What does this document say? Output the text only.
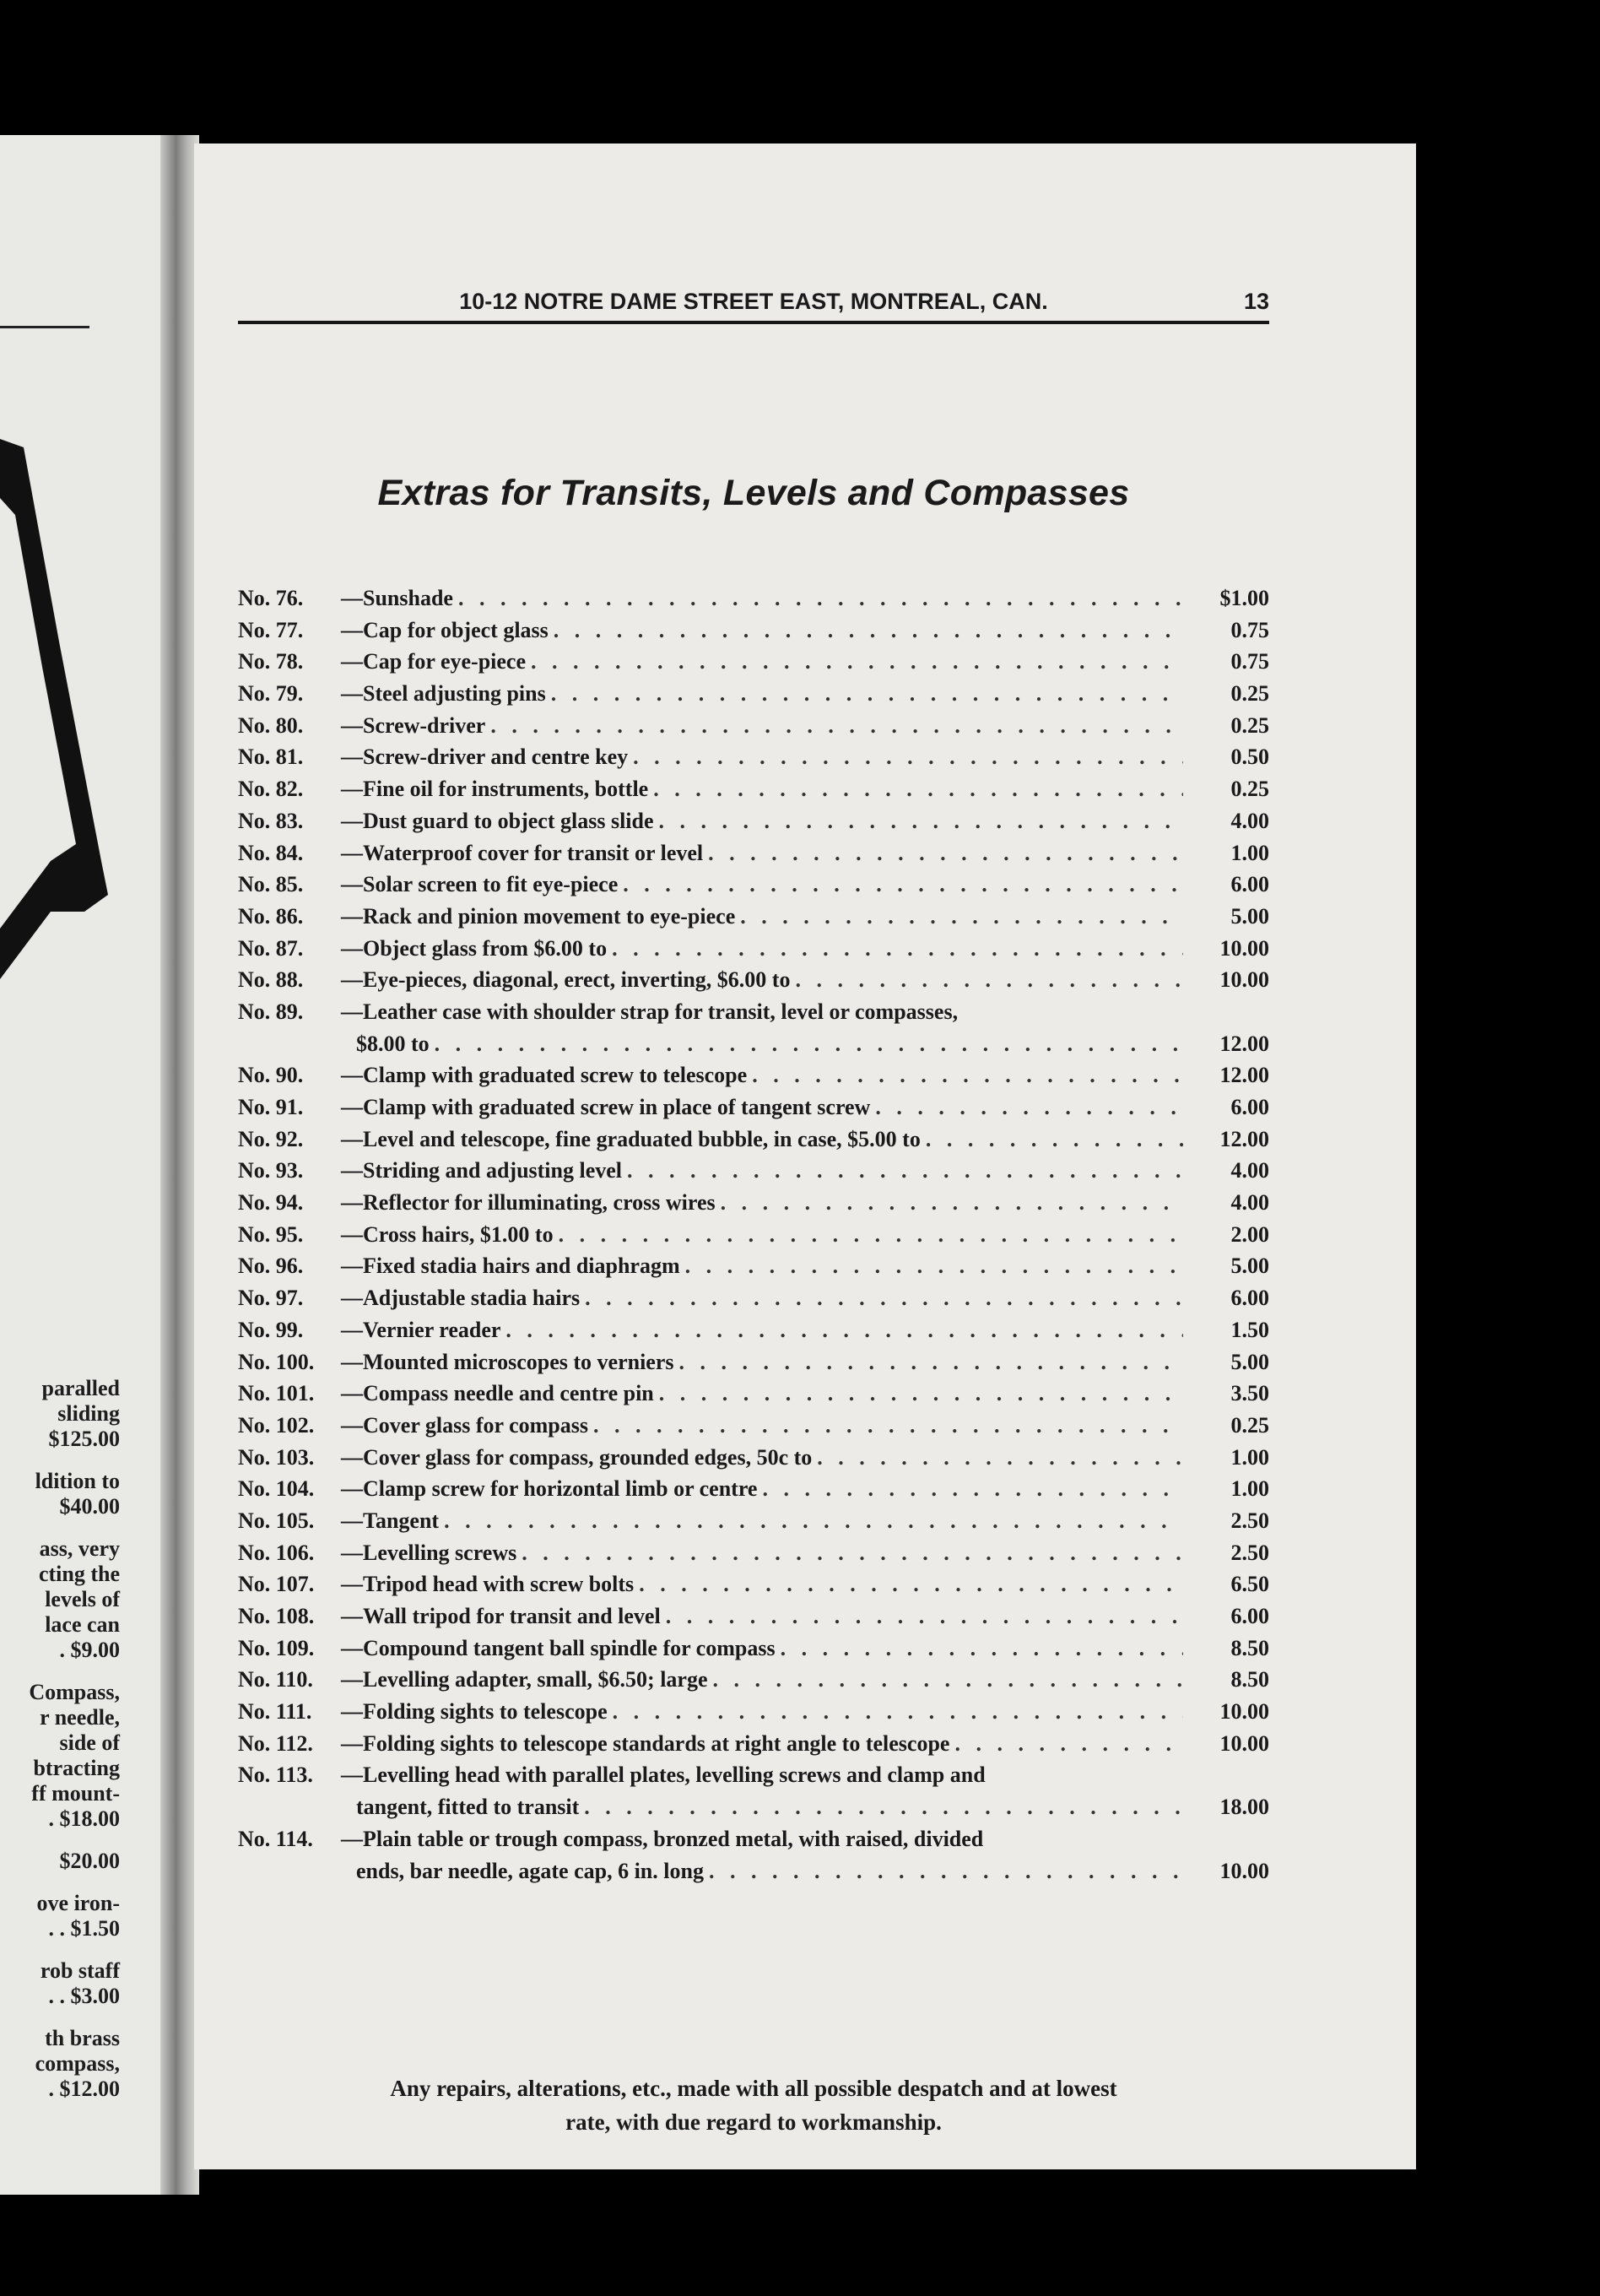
paralled
sliding
$125.00
ldition to
$40.00
ass, very
cting the
levels of
lace can
. $9.00
Compass,
r needle,
side of
btracting
ff mount-
. $18.00
$20.00
ove iron-
. . $1.50
rob staff
. . $3.00
th brass
compass,
. $12.00
10-12 NOTRE DAME STREET EAST, MONTREAL, CAN.	13
Extras for Transits, Levels and Compasses
No. 76.	—Sunshade . . .	$1.00
No. 77.	—Cap for object glass . . .	0.75
No. 78.	—Cap for eye-piece . . .	0.75
No. 79.	—Steel adjusting pins . . .	0.25
No. 80.	—Screw-driver . . .	0.25
No. 81.	—Screw-driver and centre key . . .	0.50
No. 82.	—Fine oil for instruments, bottle . . .	0.25
No. 83.	—Dust guard to object glass slide . . .	4.00
No. 84.	—Waterproof cover for transit or level . . .	1.00
No. 85.	—Solar screen to fit eye-piece . . .	6.00
No. 86.	—Rack and pinion movement to eye-piece . . .	5.00
No. 87.	—Object glass from $6.00 to . . .	10.00
No. 88.	—Eye-pieces, diagonal, erect, inverting, $6.00 to . . .	10.00
No. 89.	—Leather case with shoulder strap for transit, level or compasses,
$8.00 to . . .	12.00
No. 90.	—Clamp with graduated screw to telescope . . .	12.00
No. 91.	—Clamp with graduated screw in place of tangent screw . . .	6.00
No. 92.	—Level and telescope, fine graduated bubble, in case, $5.00 to . . .	12.00
No. 93.	—Striding and adjusting level . . .	4.00
No. 94.	—Reflector for illuminating, cross wires . . .	4.00
No. 95.	—Cross hairs, $1.00 to . . .	2.00
No. 96.	—Fixed stadia hairs and diaphragm . . .	5.00
No. 97.	—Adjustable stadia hairs . . .	6.00
No. 99.	—Vernier reader . . .	1.50
No. 100.	—Mounted microscopes to verniers . . .	5.00
No. 101.	—Compass needle and centre pin . . .	3.50
No. 102.	—Cover glass for compass . . .	0.25
No. 103.	—Cover glass for compass, grounded edges, 50c to . . .	1.00
No. 104.	—Clamp screw for horizontal limb or centre . . .	1.00
No. 105.	—Tangent . . .	2.50
No. 106.	—Levelling screws . . .	2.50
No. 107.	—Tripod head with screw bolts . . .	6.50
No. 108.	—Wall tripod for transit and level . . .	6.00
No. 109.	—Compound tangent ball spindle for compass . . .	8.50
No. 110.	—Levelling adapter, small, $6.50; large . . .	8.50
No. 111.	—Folding sights to telescope . . .	10.00
No. 112.	—Folding sights to telescope standards at right angle to telescope . . .	10.00
No. 113.	—Levelling head with parallel plates, levelling screws and clamp and
tangent, fitted to transit . . .	18.00
No. 114.	—Plain table or trough compass, bronzed metal, with raised, divided
ends, bar needle, agate cap, 6 in. long . . .	10.00
Any repairs, alterations, etc., made with all possible despatch and at lowest
rate, with due regard to workmanship.
